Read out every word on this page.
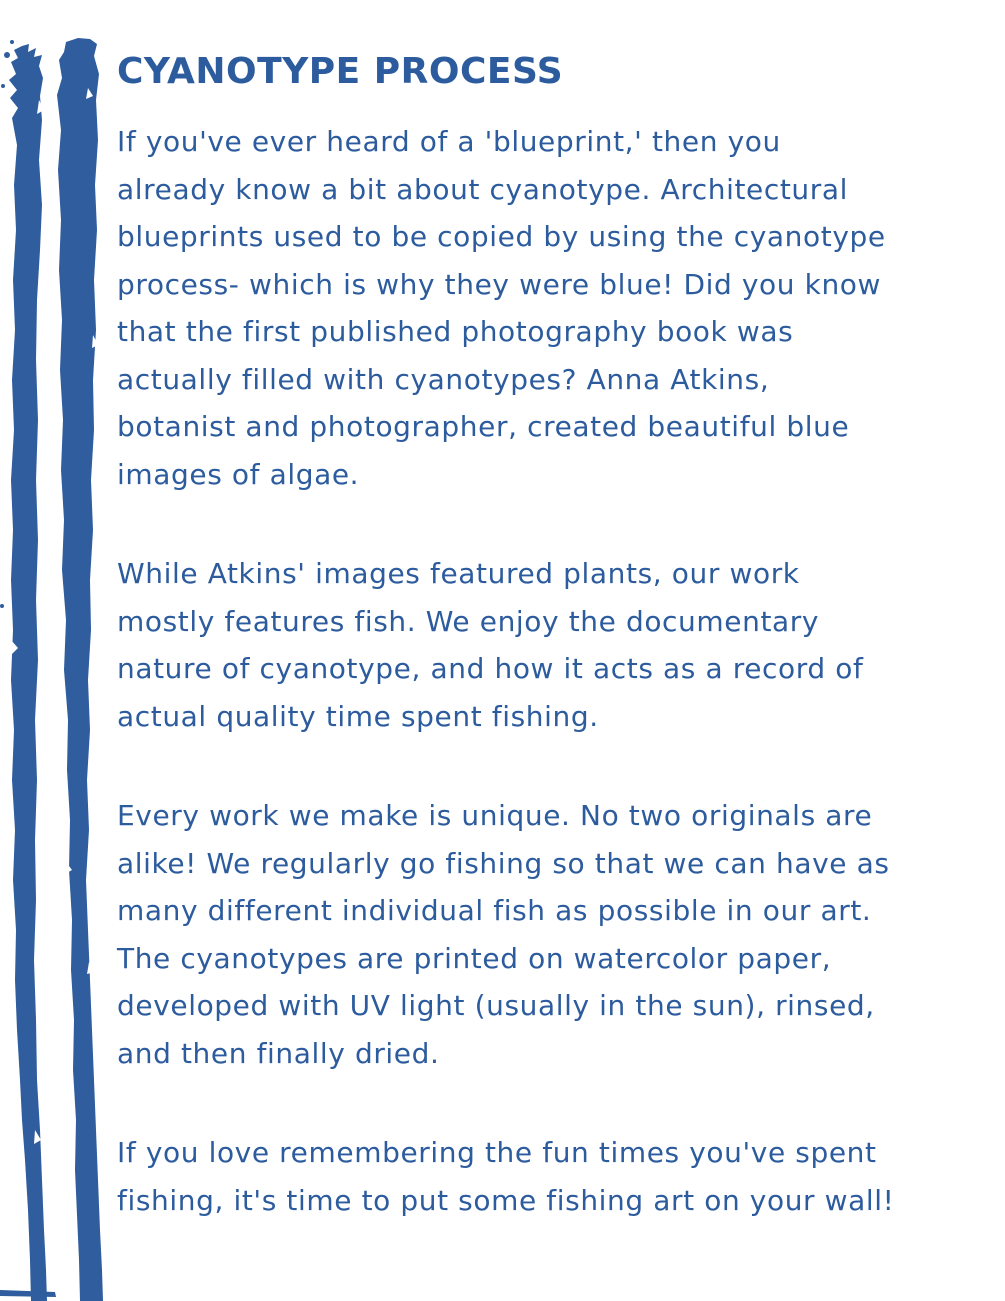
CYANOTYPE PROCESS
If you've ever heard of a 'blueprint,' then you
already know a bit about cyanotype. Architectural
blueprints used to be copied by using the cyanotype
process- which is why they were blue! Did you know
that the first published photography book was
actually filled with cyanotypes? Anna Atkins,
botanist and photographer, created beautiful blue
images of algae.
While Atkins' images featured plants, our work
mostly features fish. We enjoy the documentary
nature of cyanotype, and how it acts as a record of
actual quality time spent fishing.
Every work we make is unique. No two originals are
alike! We regularly go fishing so that we can have as
many different individual fish as possible in our art.
The cyanotypes are printed on watercolor paper,
developed with UV light (usually in the sun), rinsed,
and then finally dried.
If you love remembering the fun times you've spent
fishing, it's time to put some fishing art on your wall!
